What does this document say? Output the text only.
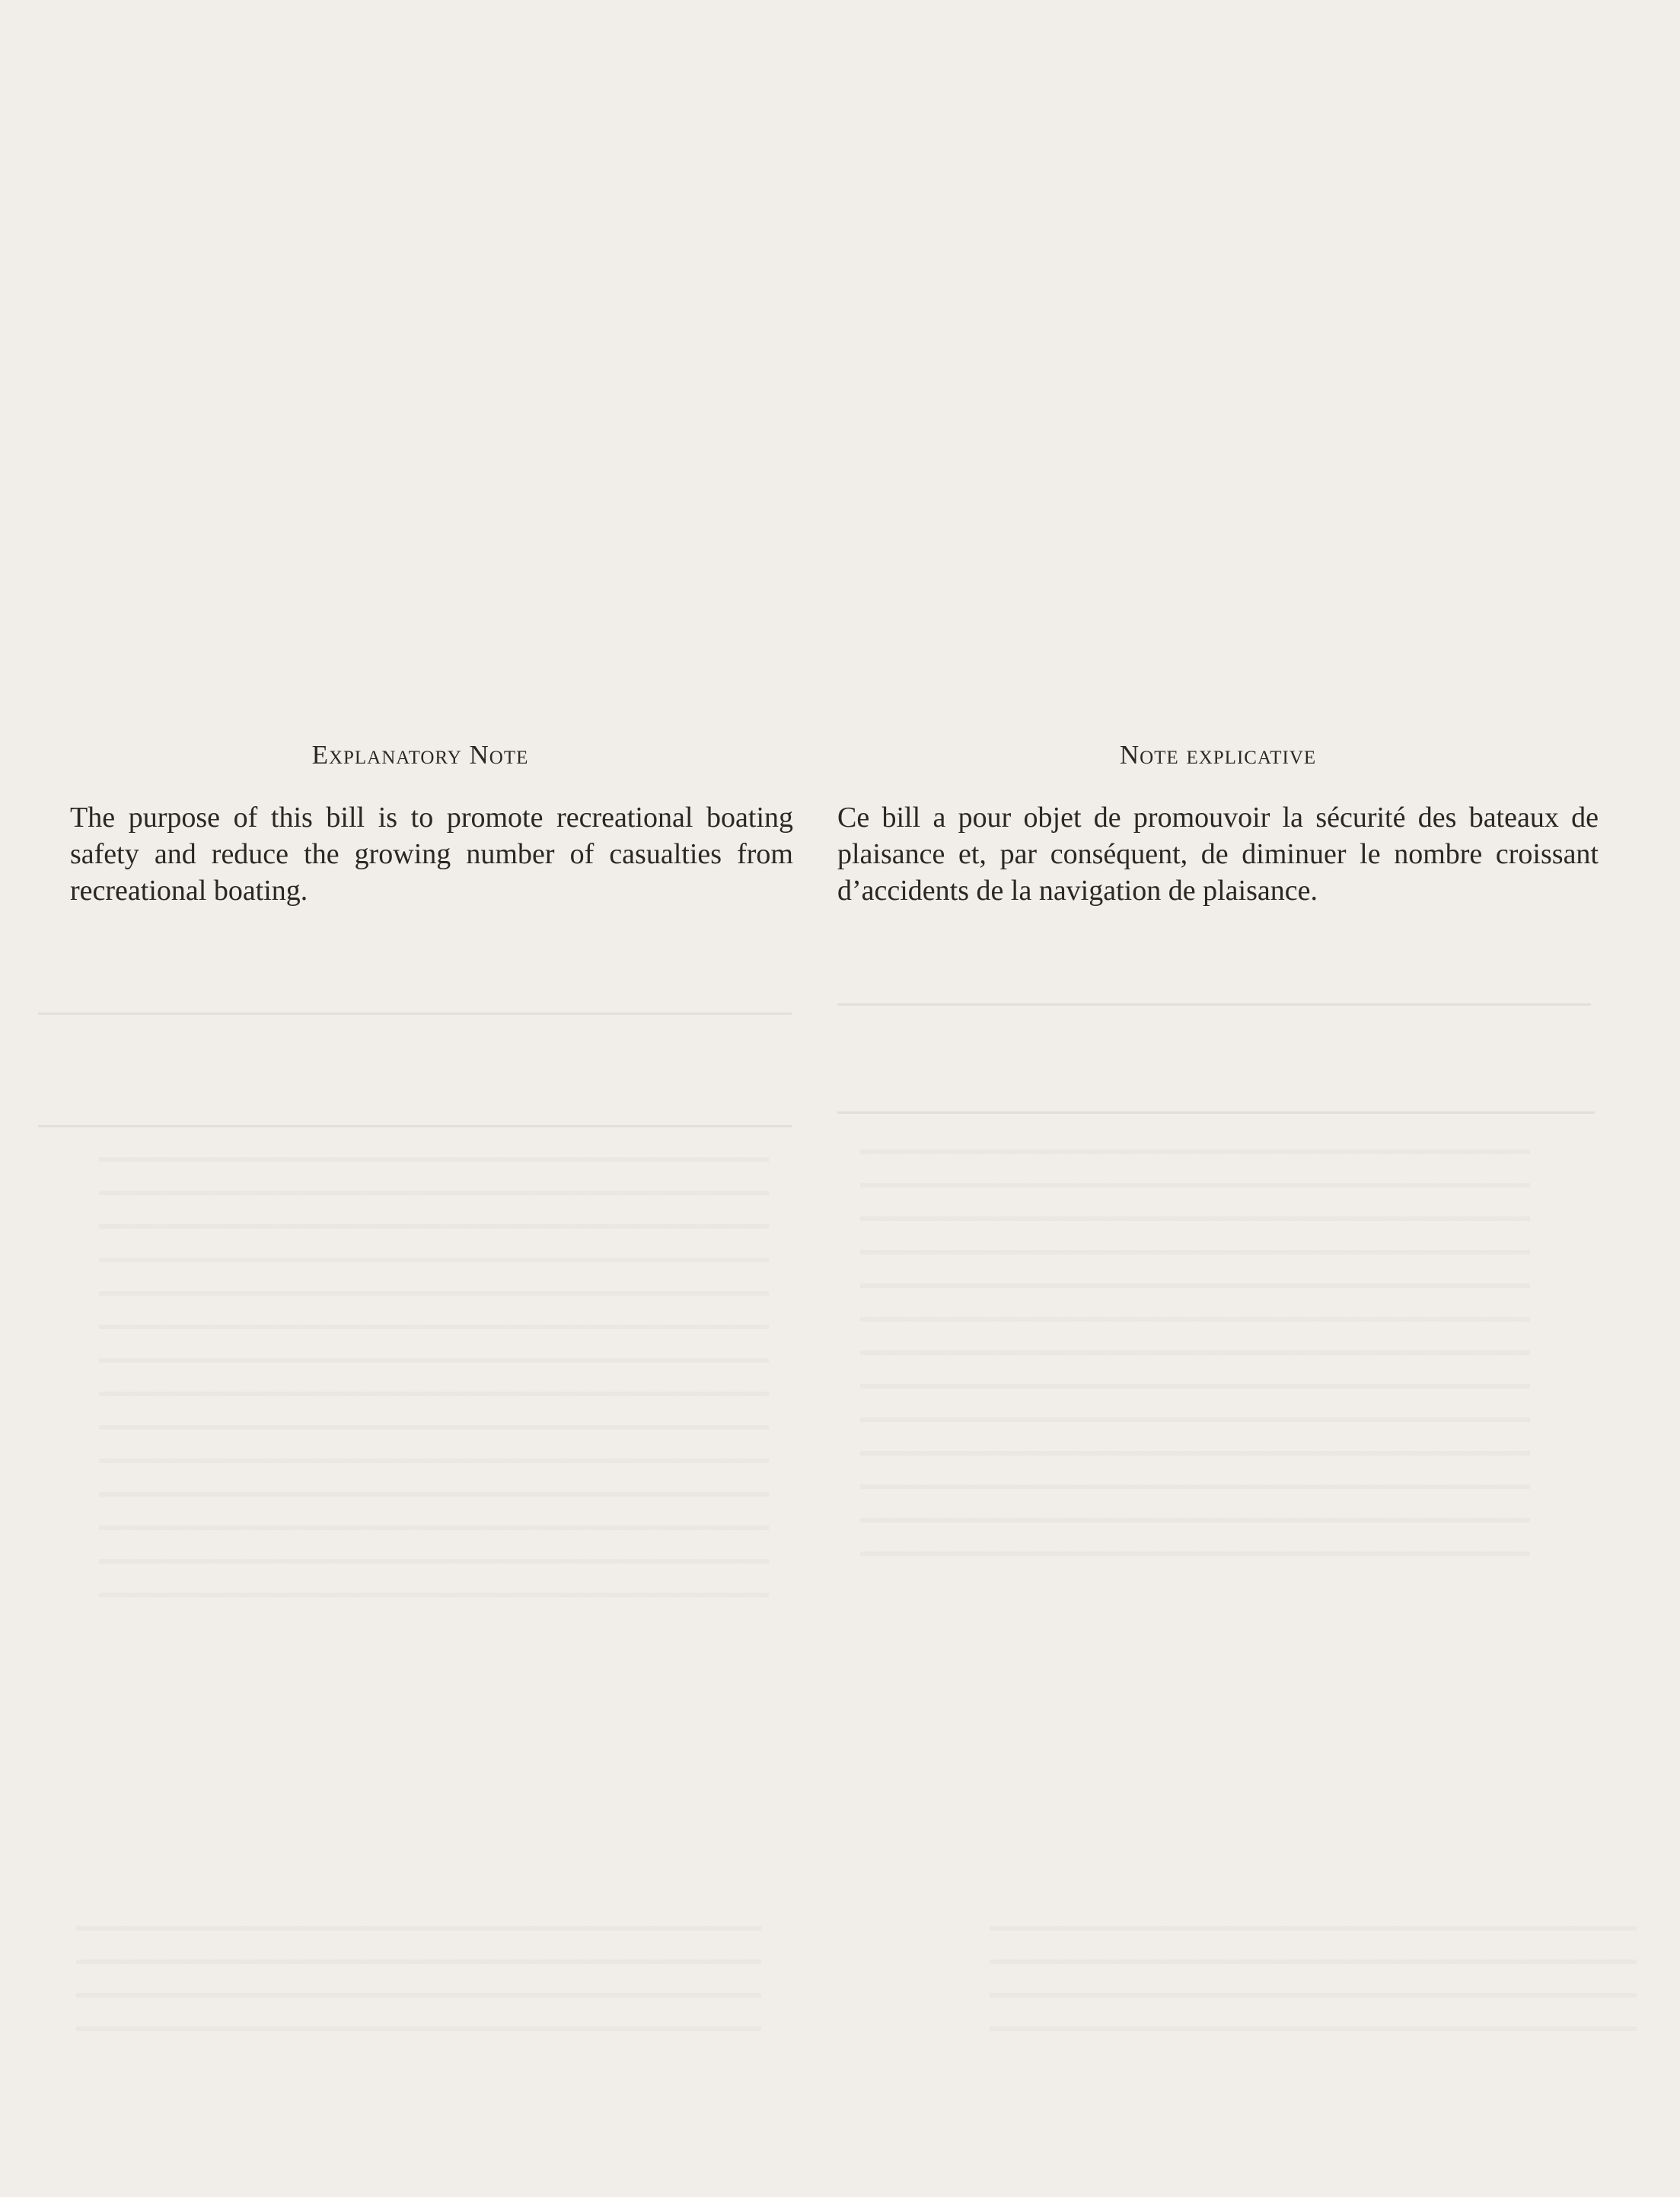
Explanatory Note

The purpose of this bill is to promote recreational boating safety and reduce the growing number of casualties from recreational boating.

Note explicative

Ce bill a pour objet de promouvoir la sécurité des bateaux de plaisance et, par conséquent, de diminuer le nombre croissant d’accidents de la navigation de plaisance.
